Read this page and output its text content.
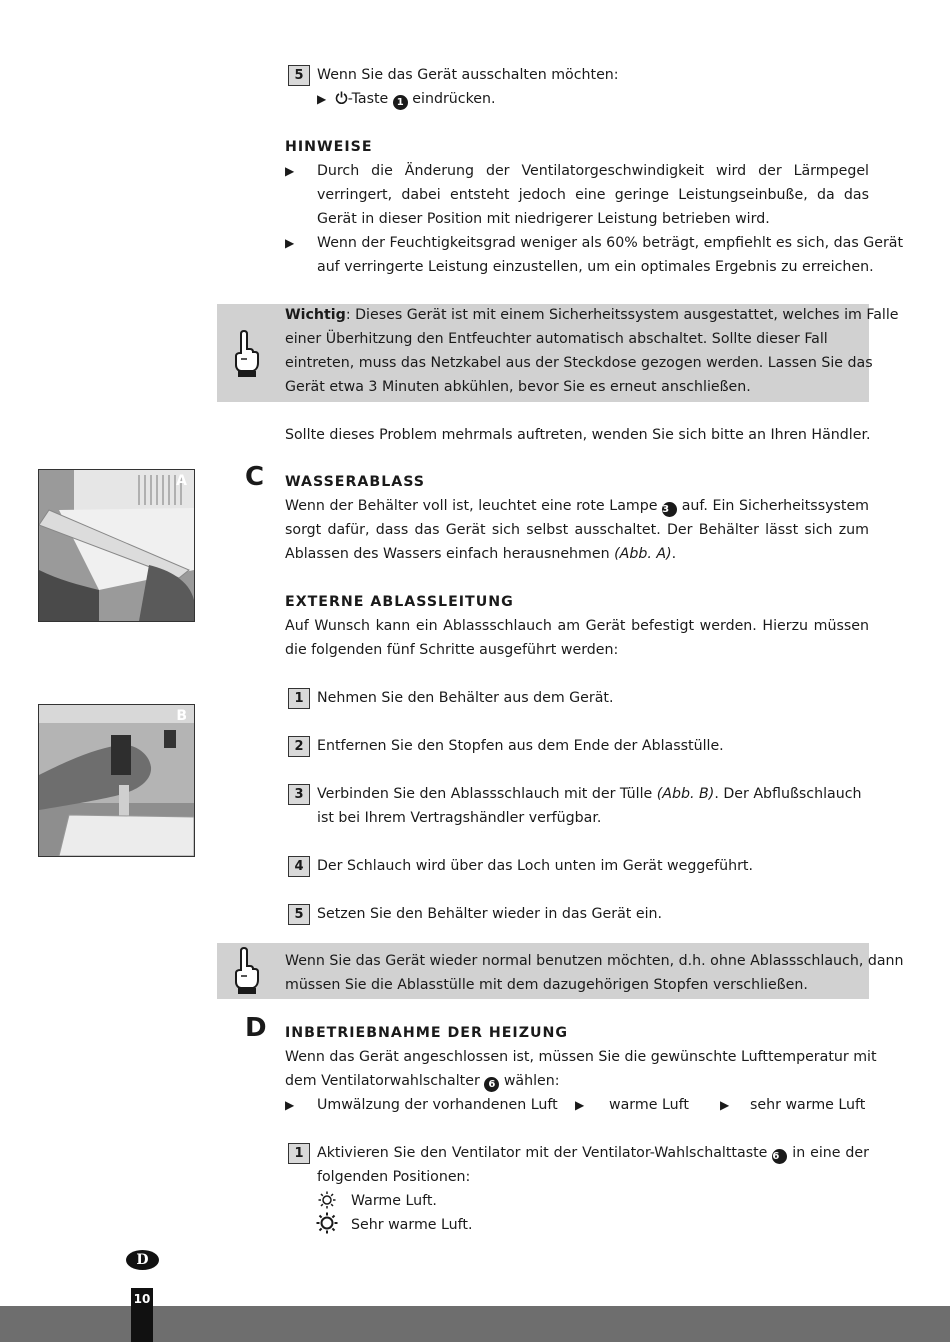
5 Wenn Sie das Gerät ausschalten möchten:
▶ -Taste 1 eindrücken.
HINWEISE
▶ Durch die Änderung der Ventilatorgeschwindigkeit wird der Lärmpegel
verringert, dabei entsteht jedoch eine geringe Leistungseinbuße, da das
Gerät in dieser Position mit niedrigerer Leistung betrieben wird.
▶ Wenn der Feuchtigkeitsgrad weniger als 60% beträgt, empfiehlt es sich, das Gerät
auf verringerte Leistung einzustellen, um ein optimales Ergebnis zu erreichen.
Wichtig: Dieses Gerät ist mit einem Sicherheitssystem ausgestattet, welches im Falle
einer Überhitzung den Entfeuchter automatisch abschaltet. Sollte dieser Fall
eintreten, muss das Netzkabel aus der Steckdose gezogen werden. Lassen Sie das
Gerät etwa 3 Minuten abkühlen, bevor Sie es erneut anschließen.
Sollte dieses Problem mehrmals auftreten, wenden Sie sich bitte an Ihren Händler.
C WASSERABLASS
Wenn der Behälter voll ist, leuchtet eine rote Lampe 3 auf. Ein Sicherheitssystem
sorgt dafür, dass das Gerät sich selbst ausschaltet. Der Behälter lässt sich zum
Ablassen des Wassers einfach herausnehmen (Abb. A).
A
EXTERNE ABLASSLEITUNG
Auf Wunsch kann ein Ablassschlauch am Gerät befestigt werden. Hierzu müssen
die folgenden fünf Schritte ausgeführt werden:
B
1 Nehmen Sie den Behälter aus dem Gerät.
2 Entfernen Sie den Stopfen aus dem Ende der Ablasstülle.
3 Verbinden Sie den Ablassschlauch mit der Tülle (Abb. B). Der Abflußschlauch
ist bei Ihrem Vertragshändler verfügbar.
4 Der Schlauch wird über das Loch unten im Gerät weggeführt.
5 Setzen Sie den Behälter wieder in das Gerät ein.
Wenn Sie das Gerät wieder normal benutzen möchten, d.h. ohne Ablassschlauch, dann
müssen Sie die Ablasstülle mit dem dazugehörigen Stopfen verschließen.
D INBETRIEBNAHME DER HEIZUNG
Wenn das Gerät angeschlossen ist, müssen Sie die gewünschte Lufttemperatur mit
dem Ventilatorwahlschalter 6 wählen:
▶ Umwälzung der vorhandenen Luft	▶ warme Luft	▶ sehr warme Luft
1 Aktivieren Sie den Ventilator mit der Ventilator-Wahlschalttaste 6 in eine der
folgenden Positionen:
Warme Luft.
Sehr warme Luft.
D
10
